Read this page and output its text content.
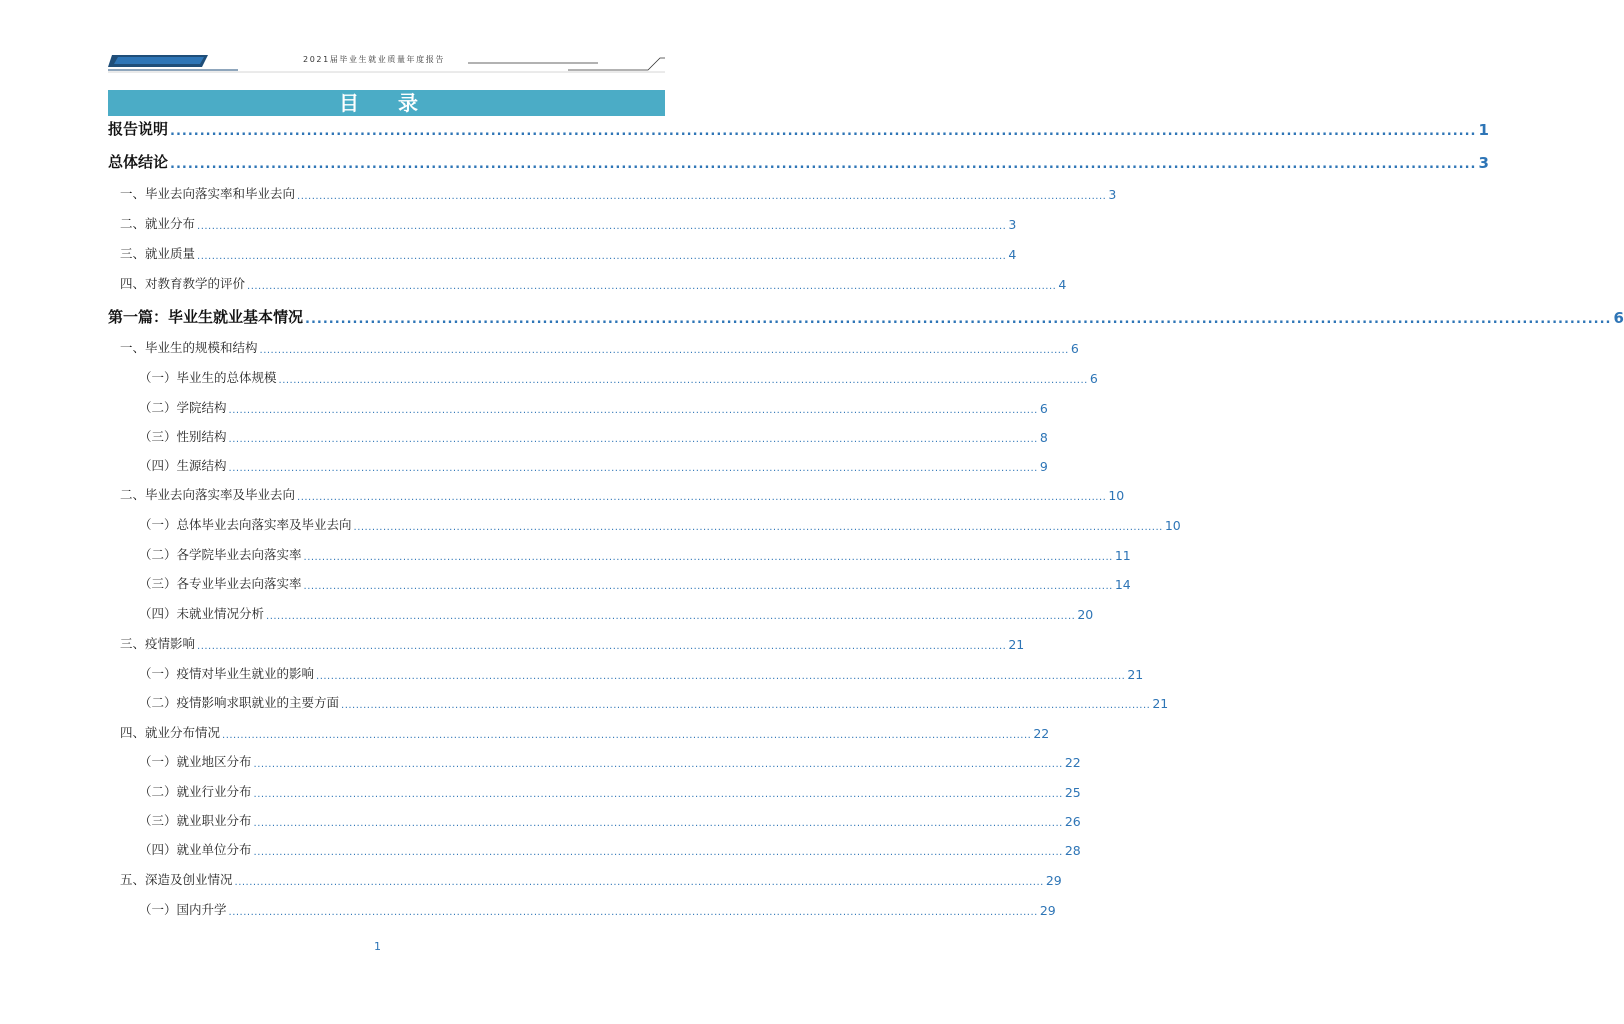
2021届毕业生就业质量年度报告
目 录
报告说明 ............................................................................................................................................................................................................................ 1
总体结论 ............................................................................................................................................................................................................................ 3
一、毕业去向落实率和毕业去向 ............................................................................................................................................................................................................................ 3
二、就业分布 ............................................................................................................................................................................................................................ 3
三、就业质量 ............................................................................................................................................................................................................................ 4
四、对教育教学的评价 ............................................................................................................................................................................................................................ 4
第一篇：毕业生就业基本情况 ............................................................................................................................................................................................................................ 6
一、毕业生的规模和结构 ............................................................................................................................................................................................................................ 6
（一）毕业生的总体规模 ............................................................................................................................................................................................................................ 6
（二）学院结构 ............................................................................................................................................................................................................................ 6
（三）性别结构 ............................................................................................................................................................................................................................ 8
（四）生源结构 ............................................................................................................................................................................................................................ 9
二、毕业去向落实率及毕业去向 ............................................................................................................................................................................................................................ 10
（一）总体毕业去向落实率及毕业去向 ............................................................................................................................................................................................................................ 10
（二）各学院毕业去向落实率 ............................................................................................................................................................................................................................ 11
（三）各专业毕业去向落实率 ............................................................................................................................................................................................................................ 14
（四）未就业情况分析 ............................................................................................................................................................................................................................ 20
三、疫情影响 ............................................................................................................................................................................................................................ 21
（一）疫情对毕业生就业的影响 ............................................................................................................................................................................................................................ 21
（二）疫情影响求职就业的主要方面 ............................................................................................................................................................................................................................ 21
四、就业分布情况 ............................................................................................................................................................................................................................ 22
（一）就业地区分布 ............................................................................................................................................................................................................................ 22
（二）就业行业分布 ............................................................................................................................................................................................................................ 25
（三）就业职业分布 ............................................................................................................................................................................................................................ 26
（四）就业单位分布 ............................................................................................................................................................................................................................ 28
五、深造及创业情况 ............................................................................................................................................................................................................................ 29
（一）国内升学 ............................................................................................................................................................................................................................ 29
1
